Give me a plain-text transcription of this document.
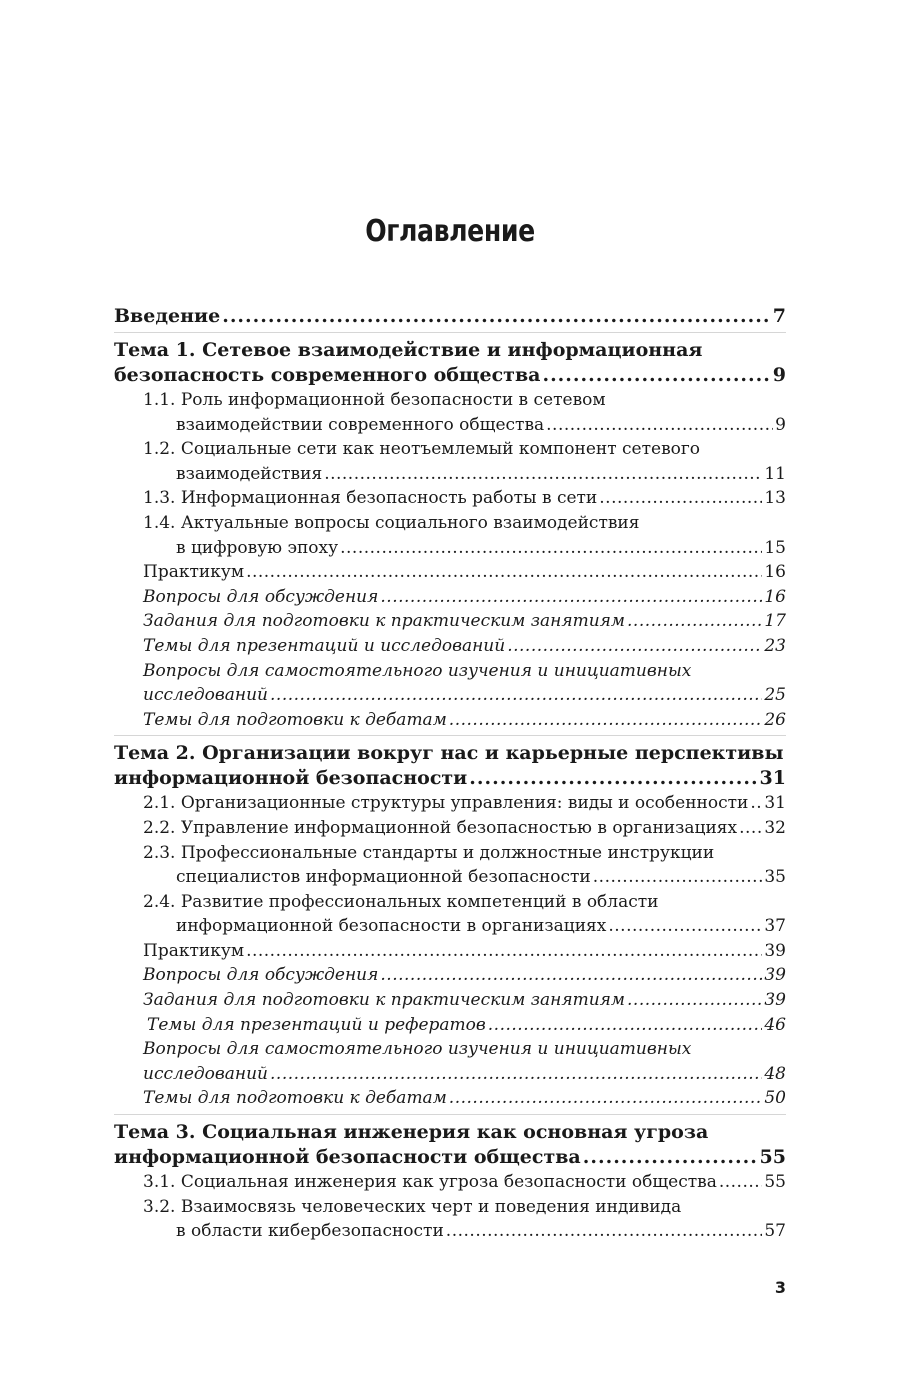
Оглавление
Введение .....	7
Тема 1. Сетевое взаимодействие и информационная
безопасность современного общества .....	9
1.1. Роль информационной безопасности в сетевом
взаимодействии современного общества .....	9
1.2. Социальные сети как неотъемлемый компонент сетевого
взаимодействия .....	11
1.3. Информационная безопасность работы в сети .....	13
1.4. Актуальные вопросы социального взаимодействия
в цифровую эпоху .....	15
Практикум .....	16
Вопросы для обсуждения .....	16
Задания для подготовки к практическим занятиям .....	17
Темы для презентаций и исследований .....	23
Вопросы для самостоятельного изучения и инициативных
исследований .....	25
Темы для подготовки к дебатам .....	26
Тема 2. Организации вокруг нас и карьерные перспективы
информационной безопасности .....	31
2.1. Организационные структуры управления: виды и особенности ..... 31
2.2. Управление информационной безопасностью в организациях ..... 32
2.3. Профессиональные стандарты и должностные инструкции
специалистов информационной безопасности .....	35
2.4. Развитие профессиональных компетенций в области
информационной безопасности в организациях .....	37
Практикум .....	39
Вопросы для обсуждения .....	39
Задания для подготовки к практическим занятиям .....	39
Темы для презентаций и рефератов .....	46
Вопросы для самостоятельного изучения и инициативных
исследований .....	48
Темы для подготовки к дебатам .....	50
Тема 3. Социальная инженерия как основная угроза
информационной безопасности общества .....	55
3.1. Социальная инженерия как угроза безопасности общества .....	55
3.2. Взаимосвязь человеческих черт и поведения индивида
в области кибербезопасности .....	57

3
